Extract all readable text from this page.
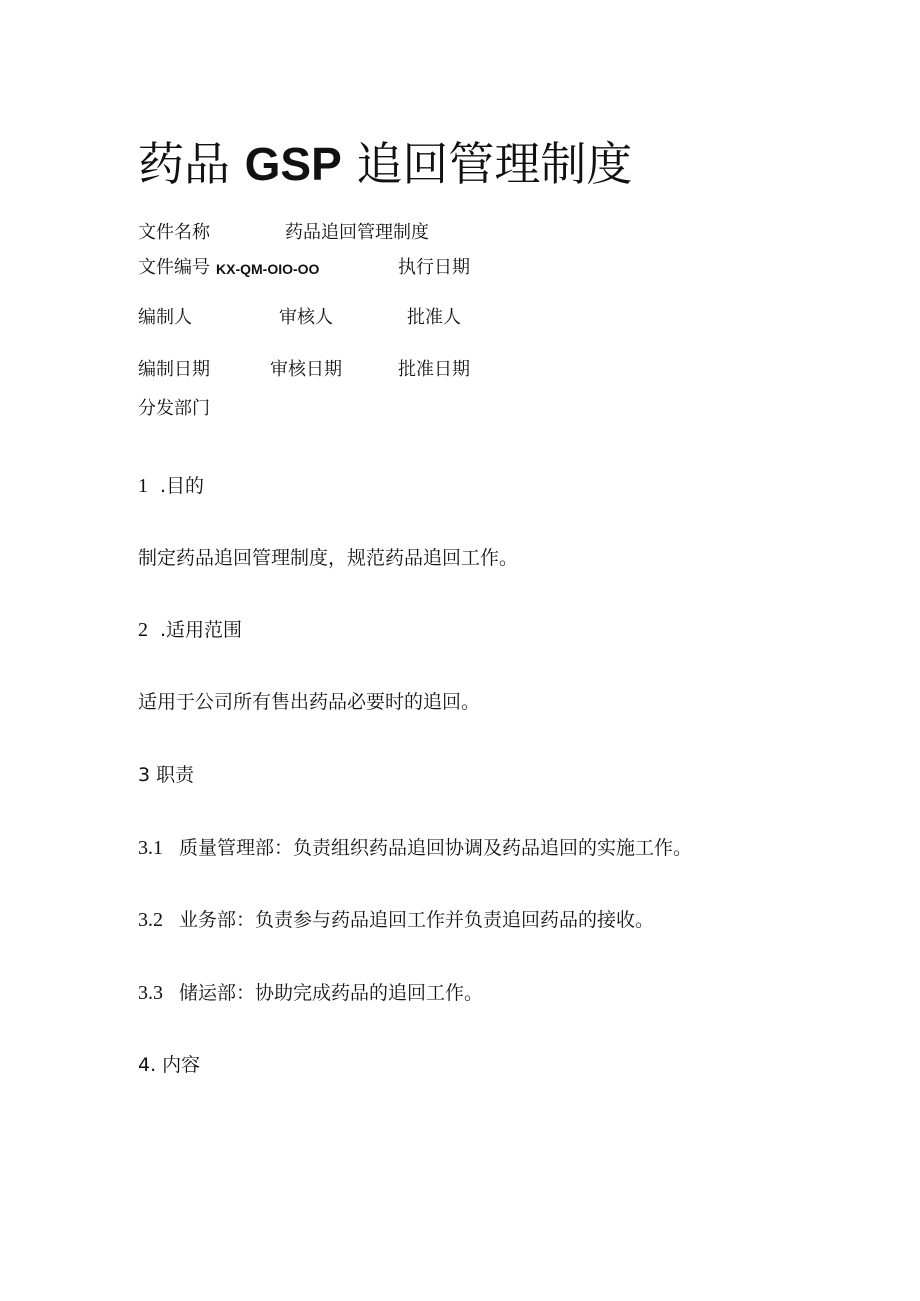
药品 GSP 追回管理制度
文件名称	药品追回管理制度
文件编号 KX-QM-OIO-OO	执行日期
编制人	审核人	批准人
编制日期	审核日期	批准日期
分发部门
1 .目的
制定药品追回管理制度，规范药品追回工作。
2 .适用范围
适用于公司所有售出药品必要时的追回。
3 职责
3.1 质量管理部：负责组织药品追回协调及药品追回的实施工作。
3.2 业务部：负责参与药品追回工作并负责追回药品的接收。
3.3 储运部：协助完成药品的追回工作。
4. 内容
